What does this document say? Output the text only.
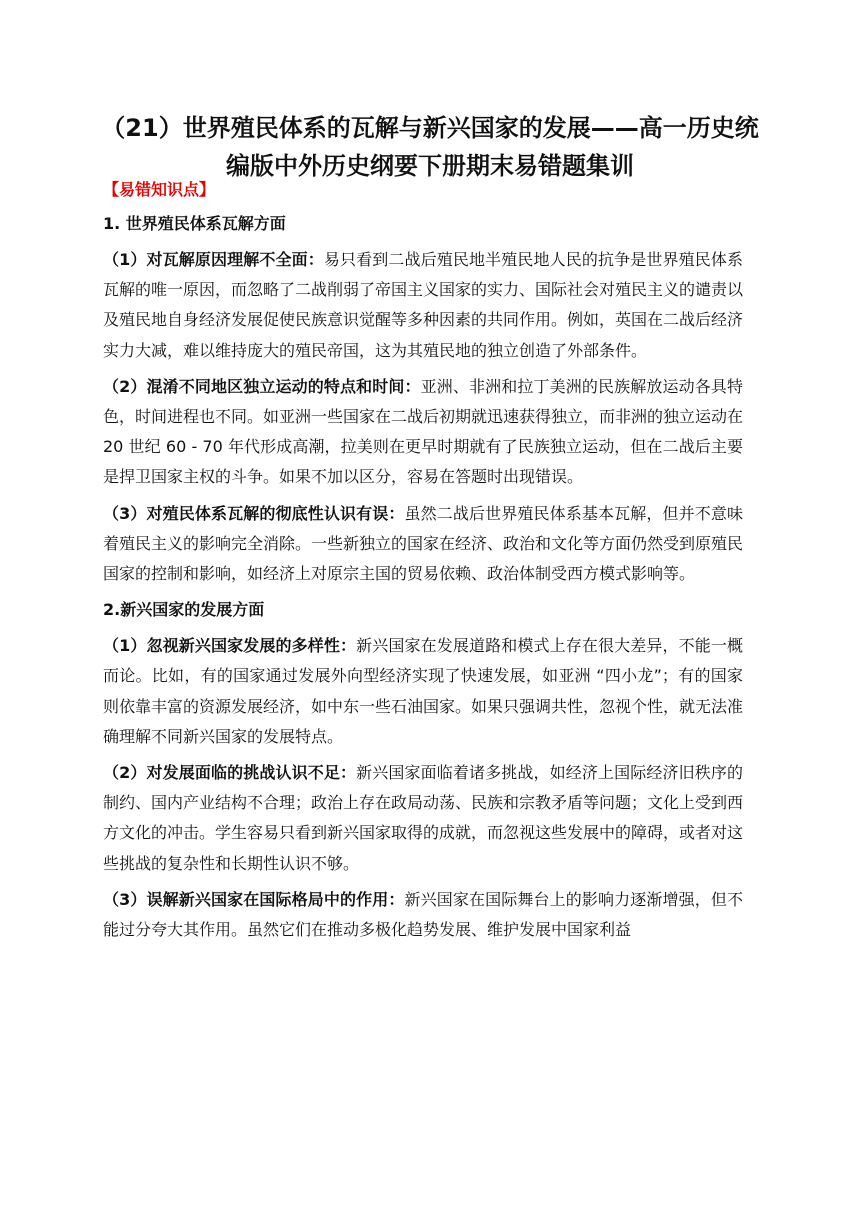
（21）世界殖民体系的瓦解与新兴国家的发展——高一历史统编版中外历史纲要下册期末易错题集训
【易错知识点】
1. 世界殖民体系瓦解方面

（1）对瓦解原因理解不全面：易只看到二战后殖民地半殖民地人民的抗争是世界殖民体系瓦解的唯一原因，而忽略了二战削弱了帝国主义国家的实力、国际社会对殖民主义的谴责以及殖民地自身经济发展促使民族意识觉醒等多种因素的共同作用。例如，英国在二战后经济实力大减，难以维持庞大的殖民帝国，这为其殖民地的独立创造了外部条件。

（2）混淆不同地区独立运动的特点和时间：亚洲、非洲和拉丁美洲的民族解放运动各具特色，时间进程也不同。如亚洲一些国家在二战后初期就迅速获得独立，而非洲的独立运动在 20 世纪 60 - 70 年代形成高潮，拉美则在更早时期就有了民族独立运动，但在二战后主要是捍卫国家主权的斗争。如果不加以区分，容易在答题时出现错误。

（3）对殖民体系瓦解的彻底性认识有误：虽然二战后世界殖民体系基本瓦解，但并不意味着殖民主义的影响完全消除。一些新独立的国家在经济、政治和文化等方面仍然受到原殖民国家的控制和影响，如经济上对原宗主国的贸易依赖、政治体制受西方模式影响等。

2.新兴国家的发展方面

（1）忽视新兴国家发展的多样性：新兴国家在发展道路和模式上存在很大差异，不能一概而论。比如，有的国家通过发展外向型经济实现了快速发展，如亚洲 “四小龙”；有的国家则依靠丰富的资源发展经济，如中东一些石油国家。如果只强调共性，忽视个性，就无法准确理解不同新兴国家的发展特点。

（2）对发展面临的挑战认识不足：新兴国家面临着诸多挑战，如经济上国际经济旧秩序的制约、国内产业结构不合理；政治上存在政局动荡、民族和宗教矛盾等问题；文化上受到西方文化的冲击。学生容易只看到新兴国家取得的成就，而忽视这些发展中的障碍，或者对这些挑战的复杂性和长期性认识不够。

（3）误解新兴国家在国际格局中的作用：新兴国家在国际舞台上的影响力逐渐增强，但不能过分夸大其作用。虽然它们在推动多极化趋势发展、维护发展中国家利益
